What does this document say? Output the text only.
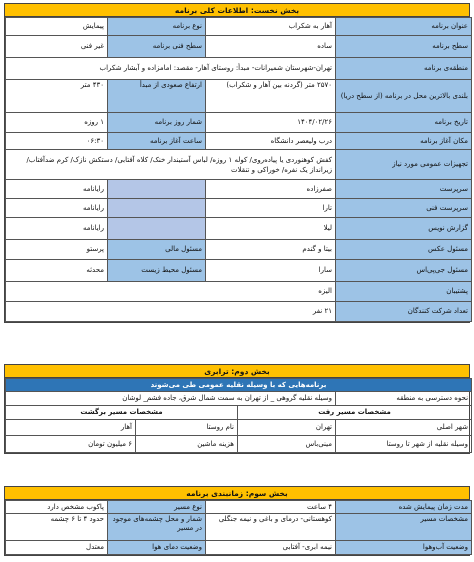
بخش نخست: اطلاعات کلی برنامه
پیمایش	نوع برنامه	آهار به شکراب	عنوان برنامه
غیر فنی	سطح فنی برنامه	ساده	سطح برنامه
تهران-شهرستان شمیرانات- مبدأ: روستای آهار- مقصد: امامزاده و آبشار شکراب			منطقه‌ی برنامه
۴۳۰ متر	ارتفاع صعودی از مبدأ	۲۵۷۰ متر (گردنه بین آهار و شکراب)	بلندی بالاترین محل در برنامه (از سطح دریا)
۱ روزه	شمار روز برنامه	۱۴۰۴/۰۲/۲۶	تاریخ برنامه
۰۶:۳۰	ساعت آغاز برنامه	درب ولیعصر دانشگاه	مکان آغاز برنامه
کفش کوهنوردی یا پیاده‌روی/ کوله ۱ روزه/ لباس آستیندار خنک/ کلاه آفتابی/ دستکش نازک/ کرم ضدآفتاب/ زیرانداز یک نفره/ خوراکی و تنقلات			تجهیزات عمومی مورد نیاز
رایانامه		صفرزاده	سرپرست
رایانامه		تارا	سرپرست فنی
رایانامه		لیلا	گزارش نویس
پرستو	مسئول مالی	بیتا و گندم	مسئول عکس
محدثه	مسئول محیط زیست	سارا	مسئول جی‌پی‌اس
الیزه			پشتیبان
۲۱ نفر			تعداد شرکت کنندگان
بخش دوم: ترابری
برنامه‌هایی که با وسیله نقلیه عمومی طی می‌شوند			
وسیله نقلیه گروهی _ از تهران به سمت شمال شرق، جاده فشم_ لوشان			نحوه دسترسی به منطقه
مشخصات مسیر برگشت		مشخصات مسیر رفت	
آهار	نام روستا	تهران	شهر اصلی
۶ میلیون تومان	هزینه ماشین	مینی‌باس	وسیله نقلیه از شهر تا روستا
بخش سوم: زمانبندی برنامه
پاکوب مشخص دارد	نوع مسیر	۴ ساعت	مدت زمان پیمایش شده
حدود ۴ تا ۶ چشمه	شمار و محل چشمه‌های موجود در مسیر	کوهستانی- درمای و باغی و نیمه جنگلی	مشخصات مسیر
معتدل	وضعیت دمای هوا	نیمه ابری- آفتابی	وضعیت آب‌وهوا
